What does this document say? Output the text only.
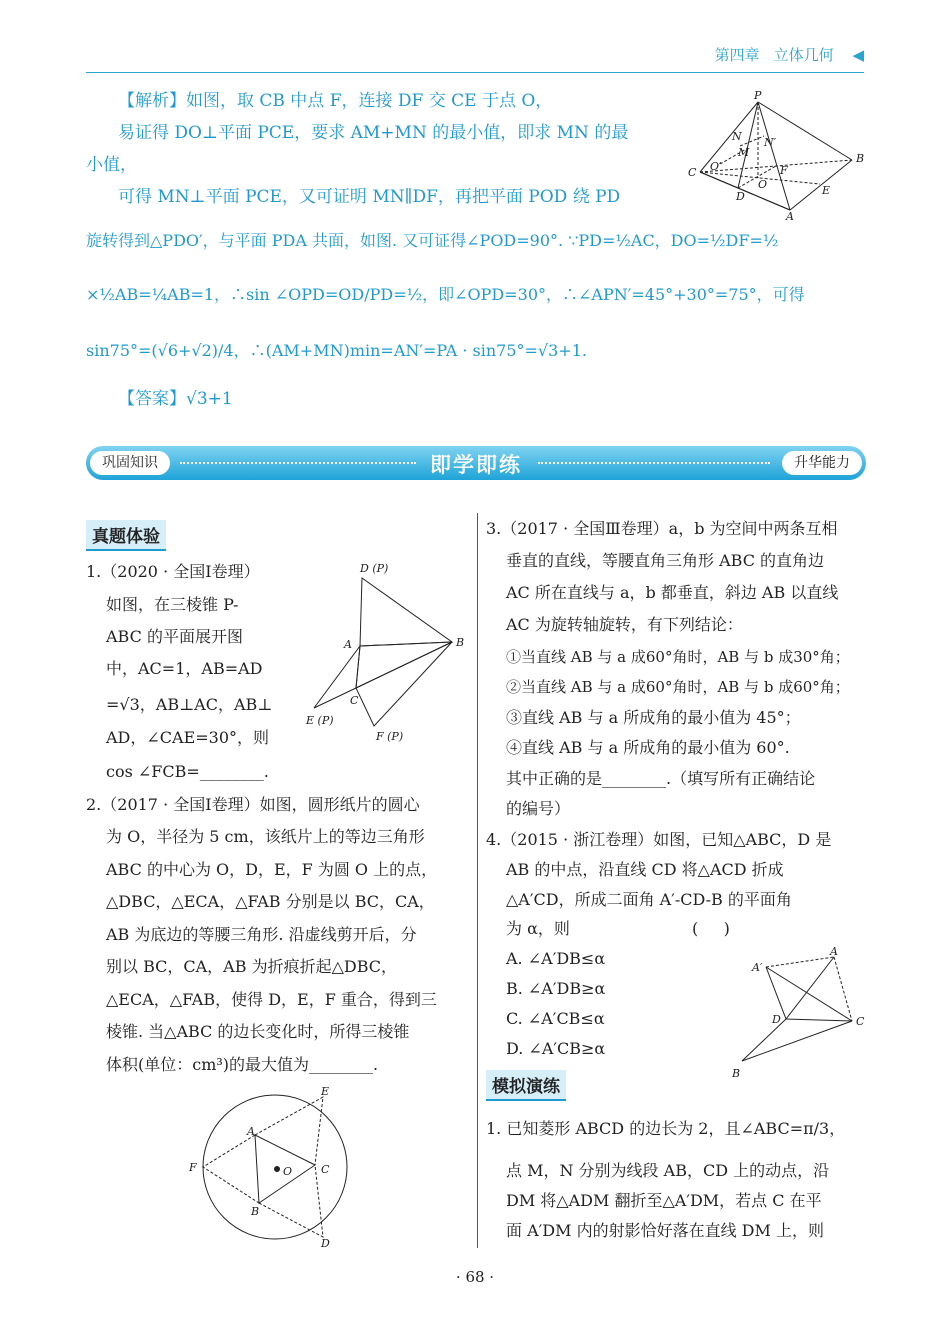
第四章 立体几何 ◀
【解析】如图，取 CB 中点 F，连接 DF 交 CE 于点 O，
易证得 DO⊥平面 PCE，要求 AM+MN 的最小值，即求 MN 的最
小值，
可得 MN⊥平面 PCE，又可证明 MN∥DF，再把平面 POD 绕 PD
旋转得到△PDO′，与平面 PDA 共面，如图. 又可证得∠POD=90°. ∵PD=½AC，DO=½DF=½
×½AB=¼AB=1，∴sin ∠OPD=OD/PD=½，即∠OPD=30°，∴∠APN′=45°+30°=75°，可得
sin75°=(√6+√2)/4，∴(AM+MN)min=AN′=PA · sin75°=√3+1.
【答案】√3+1
P
N
M
N′
O′
C
O
F
D
B
E
A
巩固知识	即学即练	升华能力
真题体验
1.（2020 · 全国Ⅰ卷理）
如图，在三棱锥 P-
ABC 的平面展开图
中，AC=1，AB=AD
=√3，AB⊥AC，AB⊥
AD，∠CAE=30°，则
cos ∠FCB=________.
2.（2017 · 全国Ⅰ卷理）如图，圆形纸片的圆心
为 O，半径为 5 cm，该纸片上的等边三角形
ABC 的中心为 O，D，E，F 为圆 O 上的点，
△DBC，△ECA，△FAB 分别是以 BC，CA，
AB 为底边的等腰三角形. 沿虚线剪开后，分
别以 BC，CA，AB 为折痕折起△DBC，
△ECA，△FAB，使得 D，E，F 重合，得到三
棱锥. 当△ABC 的边长变化时，所得三棱锥
体积(单位：cm³)的最大值为________.
D (P)
A	B
C
E (P)
F (P)
E
A
O	C
F
B
D
3.（2017 · 全国Ⅲ卷理）a，b 为空间中两条互相
垂直的直线，等腰直角三角形 ABC 的直角边
AC 所在直线与 a，b 都垂直，斜边 AB 以直线
AC 为旋转轴旋转，有下列结论：
①当直线 AB 与 a 成60°角时，AB 与 b 成30°角；
②当直线 AB 与 a 成60°角时，AB 与 b 成60°角；
③直线 AB 与 a 所成角的最小值为 45°；
④直线 AB 与 a 所成角的最小值为 60°.
其中正确的是________.（填写所有正确结论
的编号）
4.（2015 · 浙江卷理）如图，已知△ABC，D 是
AB 的中点，沿直线 CD 将△ACD 折成
△A′CD，所成二面角 A′-CD-B 的平面角
为 α，则                        (     )
A. ∠A′DB≤α
B. ∠A′DB≥α
C. ∠A′CB≤α
D. ∠A′CB≥α
A′
A
D	C
B
模拟演练
1. 已知菱形 ABCD 的边长为 2，且∠ABC=π/3，
点 M，N 分别为线段 AB，CD 上的动点，沿
DM 将△ADM 翻折至△A′DM，若点 C 在平
面 A′DM 内的射影恰好落在直线 DM 上，则
· 68 ·
